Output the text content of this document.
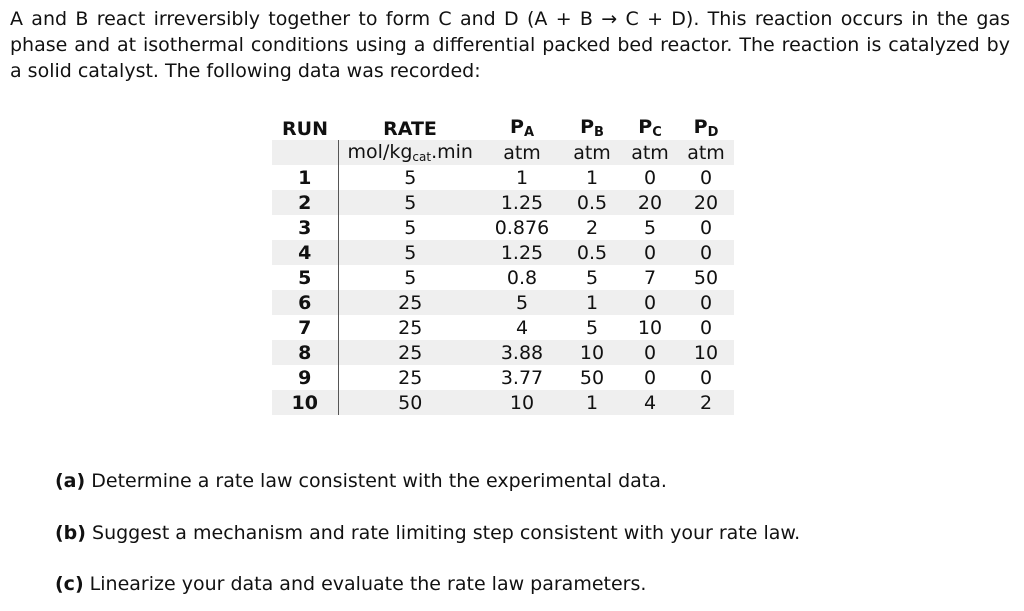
A and B react irreversibly together to form C and D (A + B → C + D). This reaction occurs in the gas phase and at isothermal conditions using a differential packed bed reactor. The reaction is catalyzed by a solid catalyst. The following data was recorded:

RUN	RATE	PA	PB	PC	PD
	mol/$kg_{cat}.\min$	atm	atm	atm	atm
1	5	1	1	0	0
2	5	1.25	0.5	20	20
3	5	0.876	2	5	0
4	5	1.25	0.5	0	0
5	5	0.8	5	7	50
6	25	5	1	0	0
7	25	4	5	10	0
8	25	3.88	10	0	10
9	25	3.77	50	0	0
10	50	10	1	4	2

(a) Determine a rate law consistent with the experimental data.

(b) Suggest a mechanism and rate limiting step consistent with your rate law.

(c) Linearize your data and evaluate the rate law parameters.
